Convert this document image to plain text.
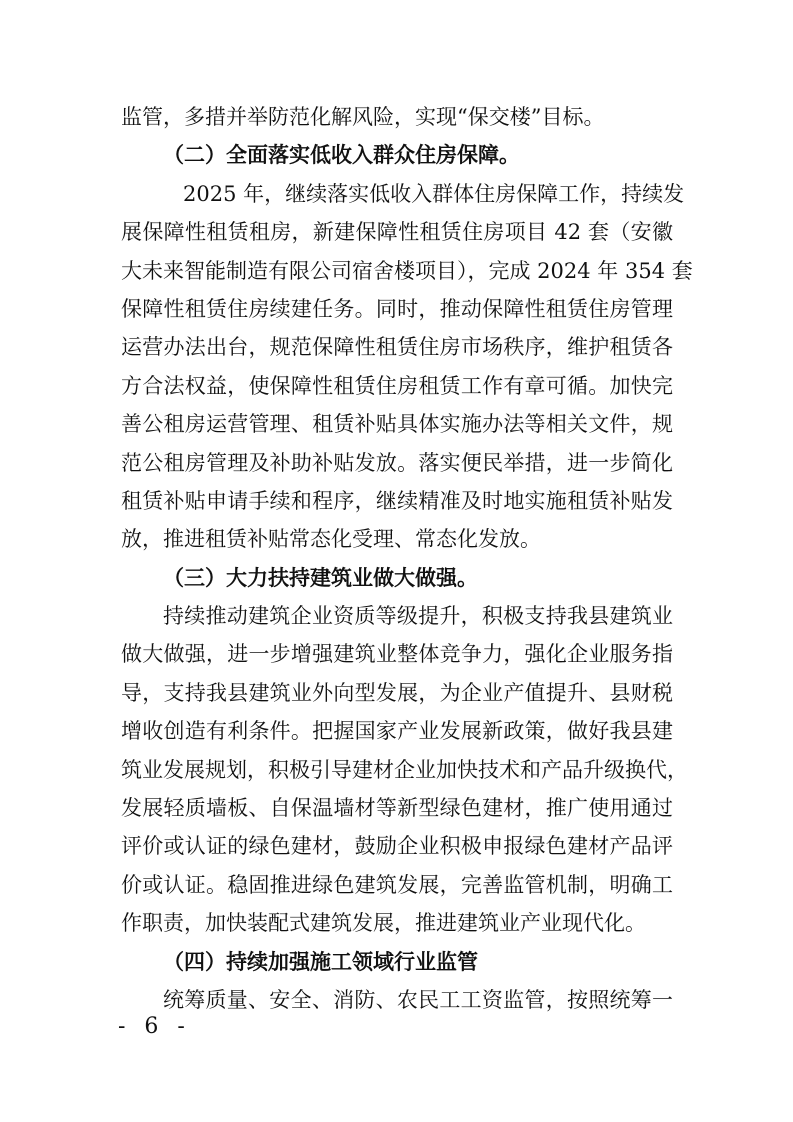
监管，多措并举防范化解风险，实现“保交楼”目标。
（二）全面落实低收入群众住房保障。
2025 年，继续落实低收入群体住房保障工作，持续发
展保障性租赁租房，新建保障性租赁住房项目 42 套（安徽
大未来智能制造有限公司宿舍楼项目），完成 2024 年 354 套
保障性租赁住房续建任务。同时，推动保障性租赁住房管理
运营办法出台，规范保障性租赁住房市场秩序，维护租赁各
方合法权益，使保障性租赁住房租赁工作有章可循。加快完
善公租房运营管理、租赁补贴具体实施办法等相关文件，规
范公租房管理及补助补贴发放。落实便民举措，进一步简化
租赁补贴申请手续和程序，继续精准及时地实施租赁补贴发
放，推进租赁补贴常态化受理、常态化发放。
（三）大力扶持建筑业做大做强。
持续推动建筑企业资质等级提升，积极支持我县建筑业
做大做强，进一步增强建筑业整体竞争力，强化企业服务指
导，支持我县建筑业外向型发展，为企业产值提升、县财税
增收创造有利条件。把握国家产业发展新政策，做好我县建
筑业发展规划，积极引导建材企业加快技术和产品升级换代，
发展轻质墙板、自保温墙材等新型绿色建材，推广使用通过
评价或认证的绿色建材，鼓励企业积极申报绿色建材产品评
价或认证。稳固推进绿色建筑发展，完善监管机制，明确工
作职责，加快装配式建筑发展，推进建筑业产业现代化。
（四）持续加强施工领域行业监管
统筹质量、安全、消防、农民工工资监管，按照统筹一
- 6 -
